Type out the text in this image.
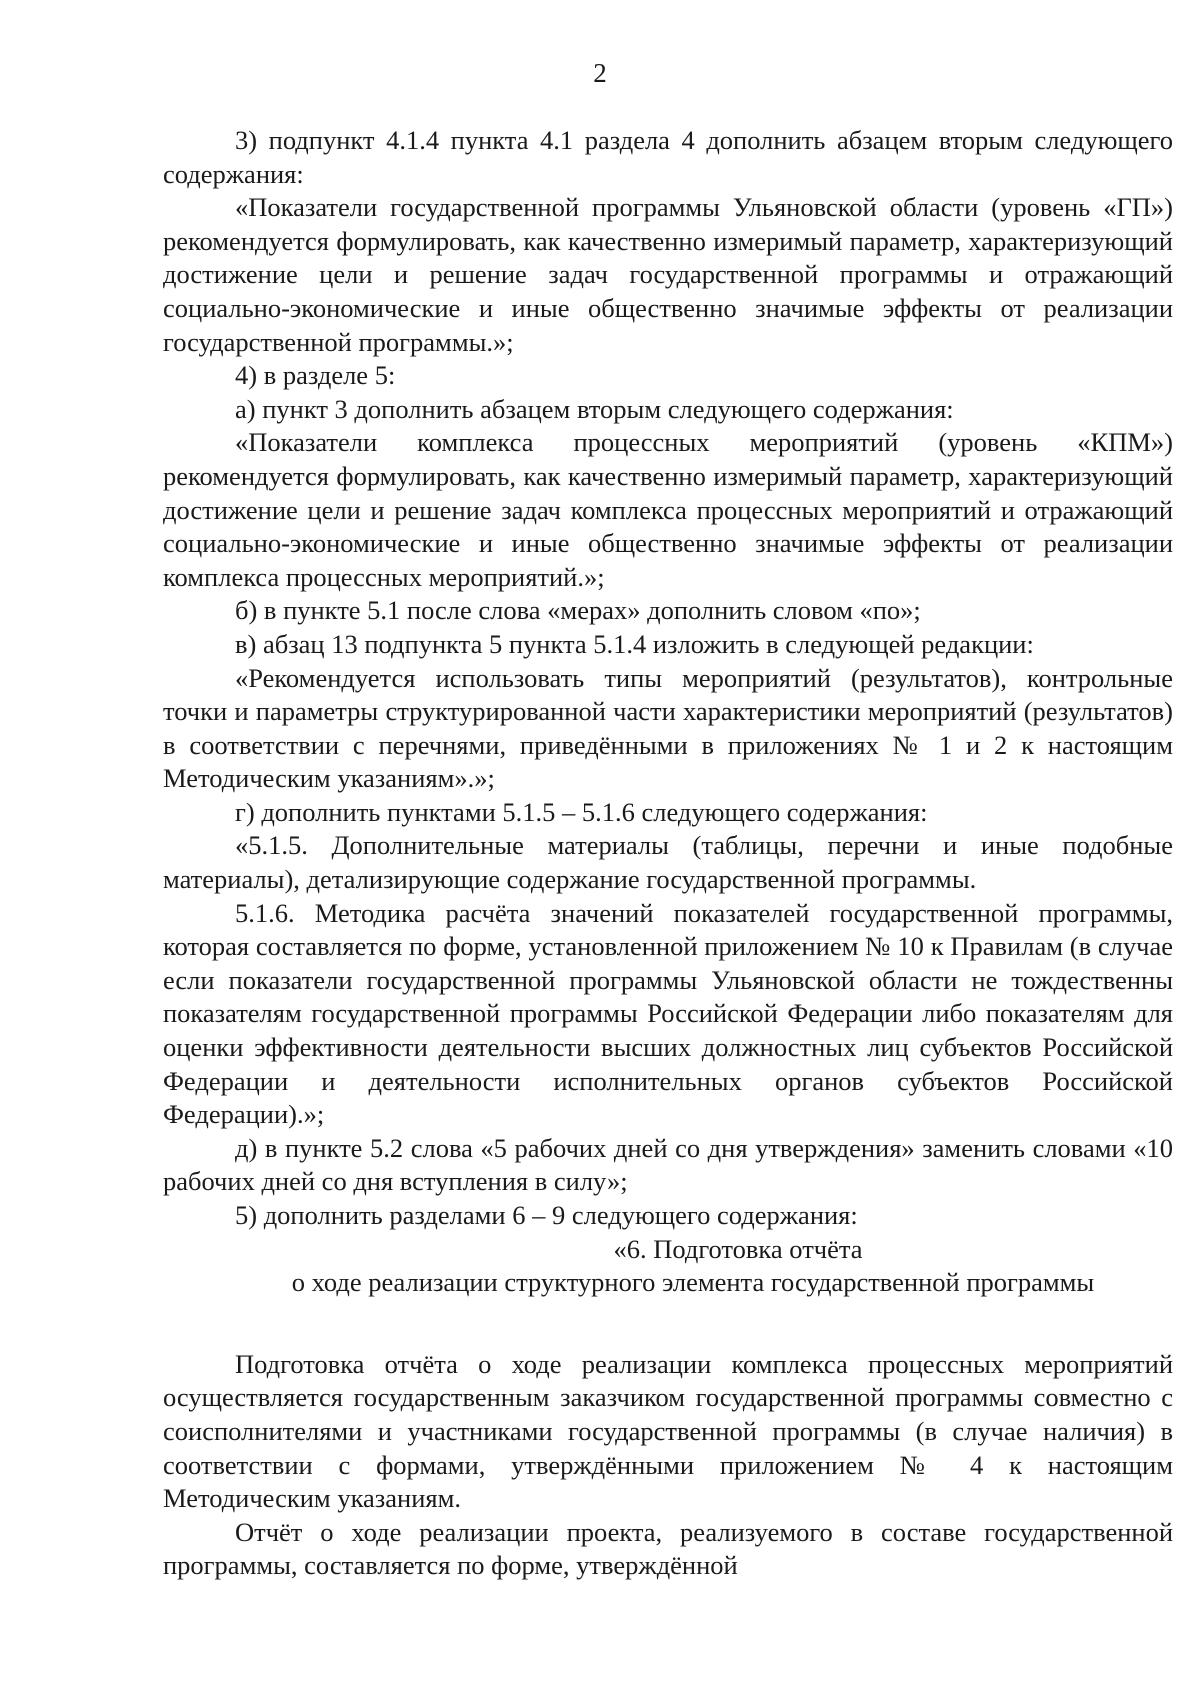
2

3) подпункт 4.1.4 пункта 4.1 раздела 4 дополнить абзацем вторым следующего содержания:

«Показатели государственной программы Ульяновской области (уровень «ГП») рекомендуется формулировать, как качественно измеримый параметр, характеризующий достижение цели и решение задач государственной программы и отражающий социально-экономические и иные общественно значимые эффекты от реализации государственной программы.»;

4) в разделе 5:

а) пункт 3 дополнить абзацем вторым следующего содержания:

«Показатели комплекса процессных мероприятий (уровень «КПМ») рекомендуется формулировать, как качественно измеримый параметр, характеризующий достижение цели и решение задач комплекса процессных мероприятий и отражающий социально-экономические и иные общественно значимые эффекты от реализации комплекса процессных мероприятий.»;

б) в пункте 5.1 после слова «мерах» дополнить словом «по»;

в) абзац 13 подпункта 5 пункта 5.1.4 изложить в следующей редакции:

«Рекомендуется использовать типы мероприятий (результатов), контрольные точки и параметры структурированной части характеристики мероприятий (результатов) в соответствии с перечнями, приведёнными в приложениях № 1 и 2 к настоящим Методическим указаниям».»;

г) дополнить пунктами 5.1.5 – 5.1.6 следующего содержания:

«5.1.5. Дополнительные материалы (таблицы, перечни и иные подобные материалы), детализирующие содержание государственной программы.

5.1.6. Методика расчёта значений показателей государственной программы, которая составляется по форме, установленной приложением № 10 к Правилам (в случае если показатели государственной программы Ульяновской области не тождественны показателям государственной программы Российской Федерации либо показателям для оценки эффективности деятельности высших должностных лиц субъектов Российской Федерации и деятельности исполнительных органов субъектов Российской Федерации).»;

д) в пункте 5.2 слова «5 рабочих дней со дня утверждения» заменить словами «10 рабочих дней со дня вступления в силу»;

5) дополнить разделами 6 – 9 следующего содержания:

«6. Подготовка отчёта

о ходе реализации структурного элемента государственной программы

Подготовка отчёта о ходе реализации комплекса процессных мероприятий осуществляется государственным заказчиком государственной программы совместно с соисполнителями и участниками государственной программы (в случае наличия) в соответствии с формами, утверждёнными приложением № 4 к настоящим Методическим указаниям.

Отчёт о ходе реализации проекта, реализуемого в составе государственной программы, составляется по форме, утверждённой
